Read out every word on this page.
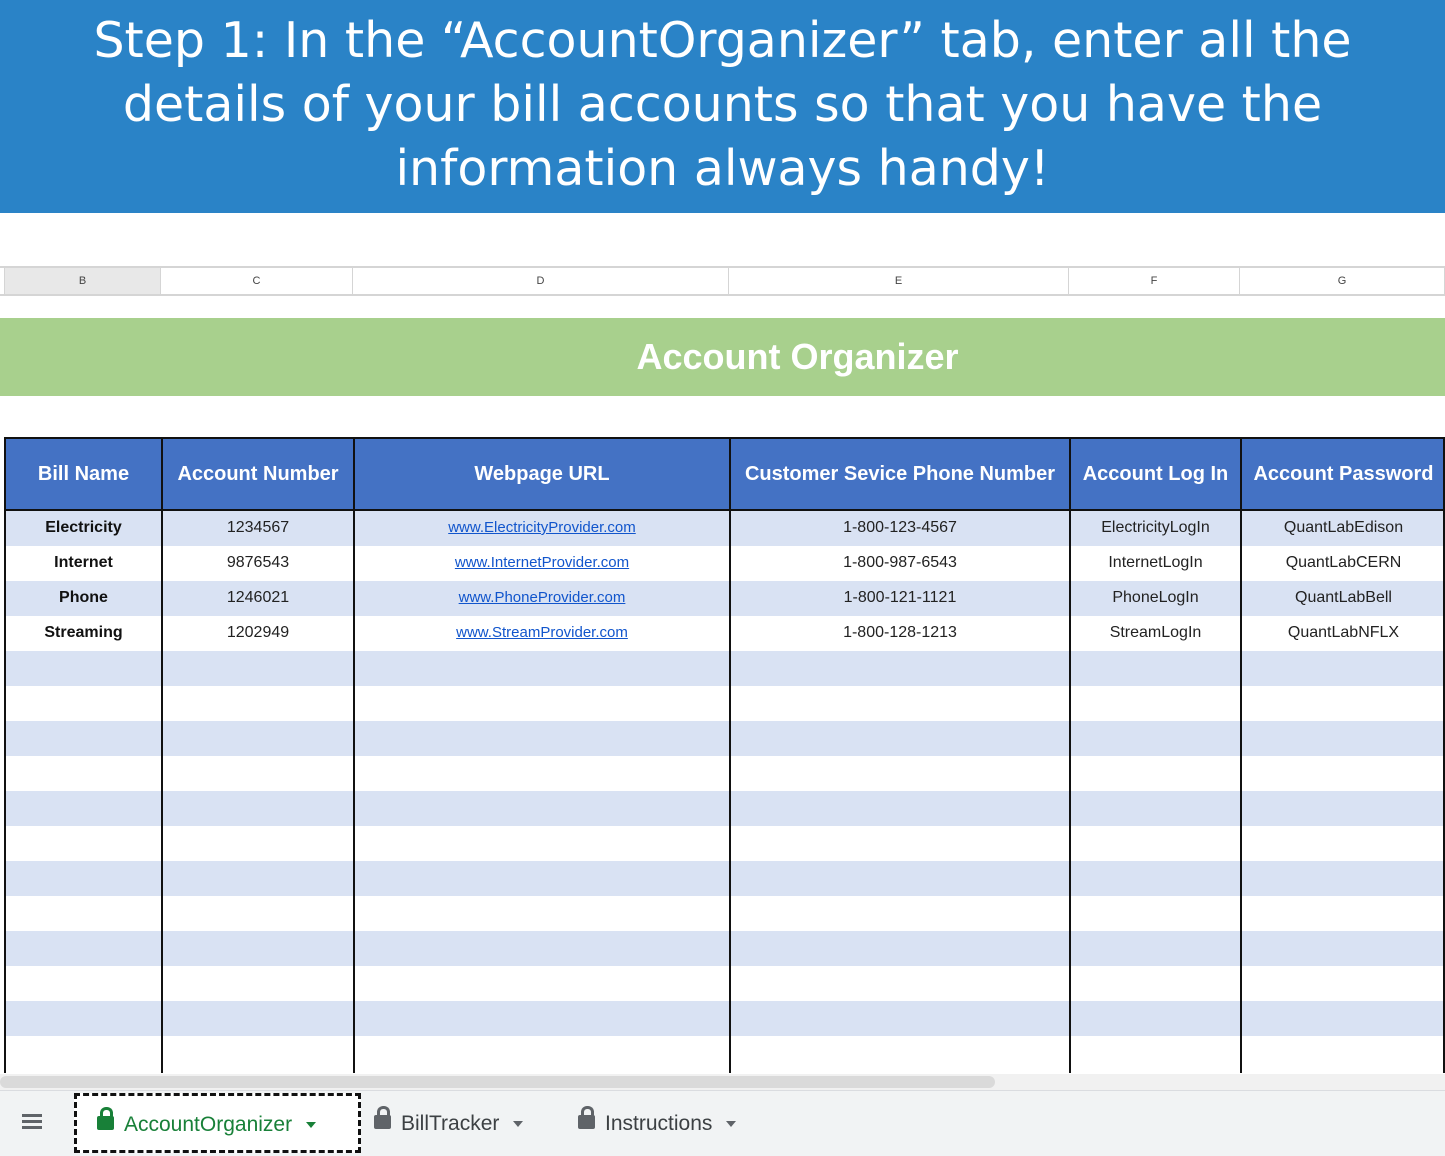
Step 1: In the “AccountOrganizer” tab, enter all the
details of your bill accounts so that you have the
information always handy!
B	C	D	E	F	G
Account Organizer
Bill Name	Account Number	Webpage URL	Customer Sevice Phone Number	Account Log In	Account Password
Electricity	1234567	www.ElectricityProvider.com	1-800-123-4567	ElectricityLogIn	QuantLabEdison
Internet	9876543	www.InternetProvider.com	1-800-987-6543	InternetLogIn	QuantLabCERN
Phone	1246021	www.PhoneProvider.com	1-800-121-1121	PhoneLogIn	QuantLabBell
Streaming	1202949	www.StreamProvider.com	1-800-128-1213	StreamLogIn	QuantLabNFLX
AccountOrganizer	BillTracker	Instructions
